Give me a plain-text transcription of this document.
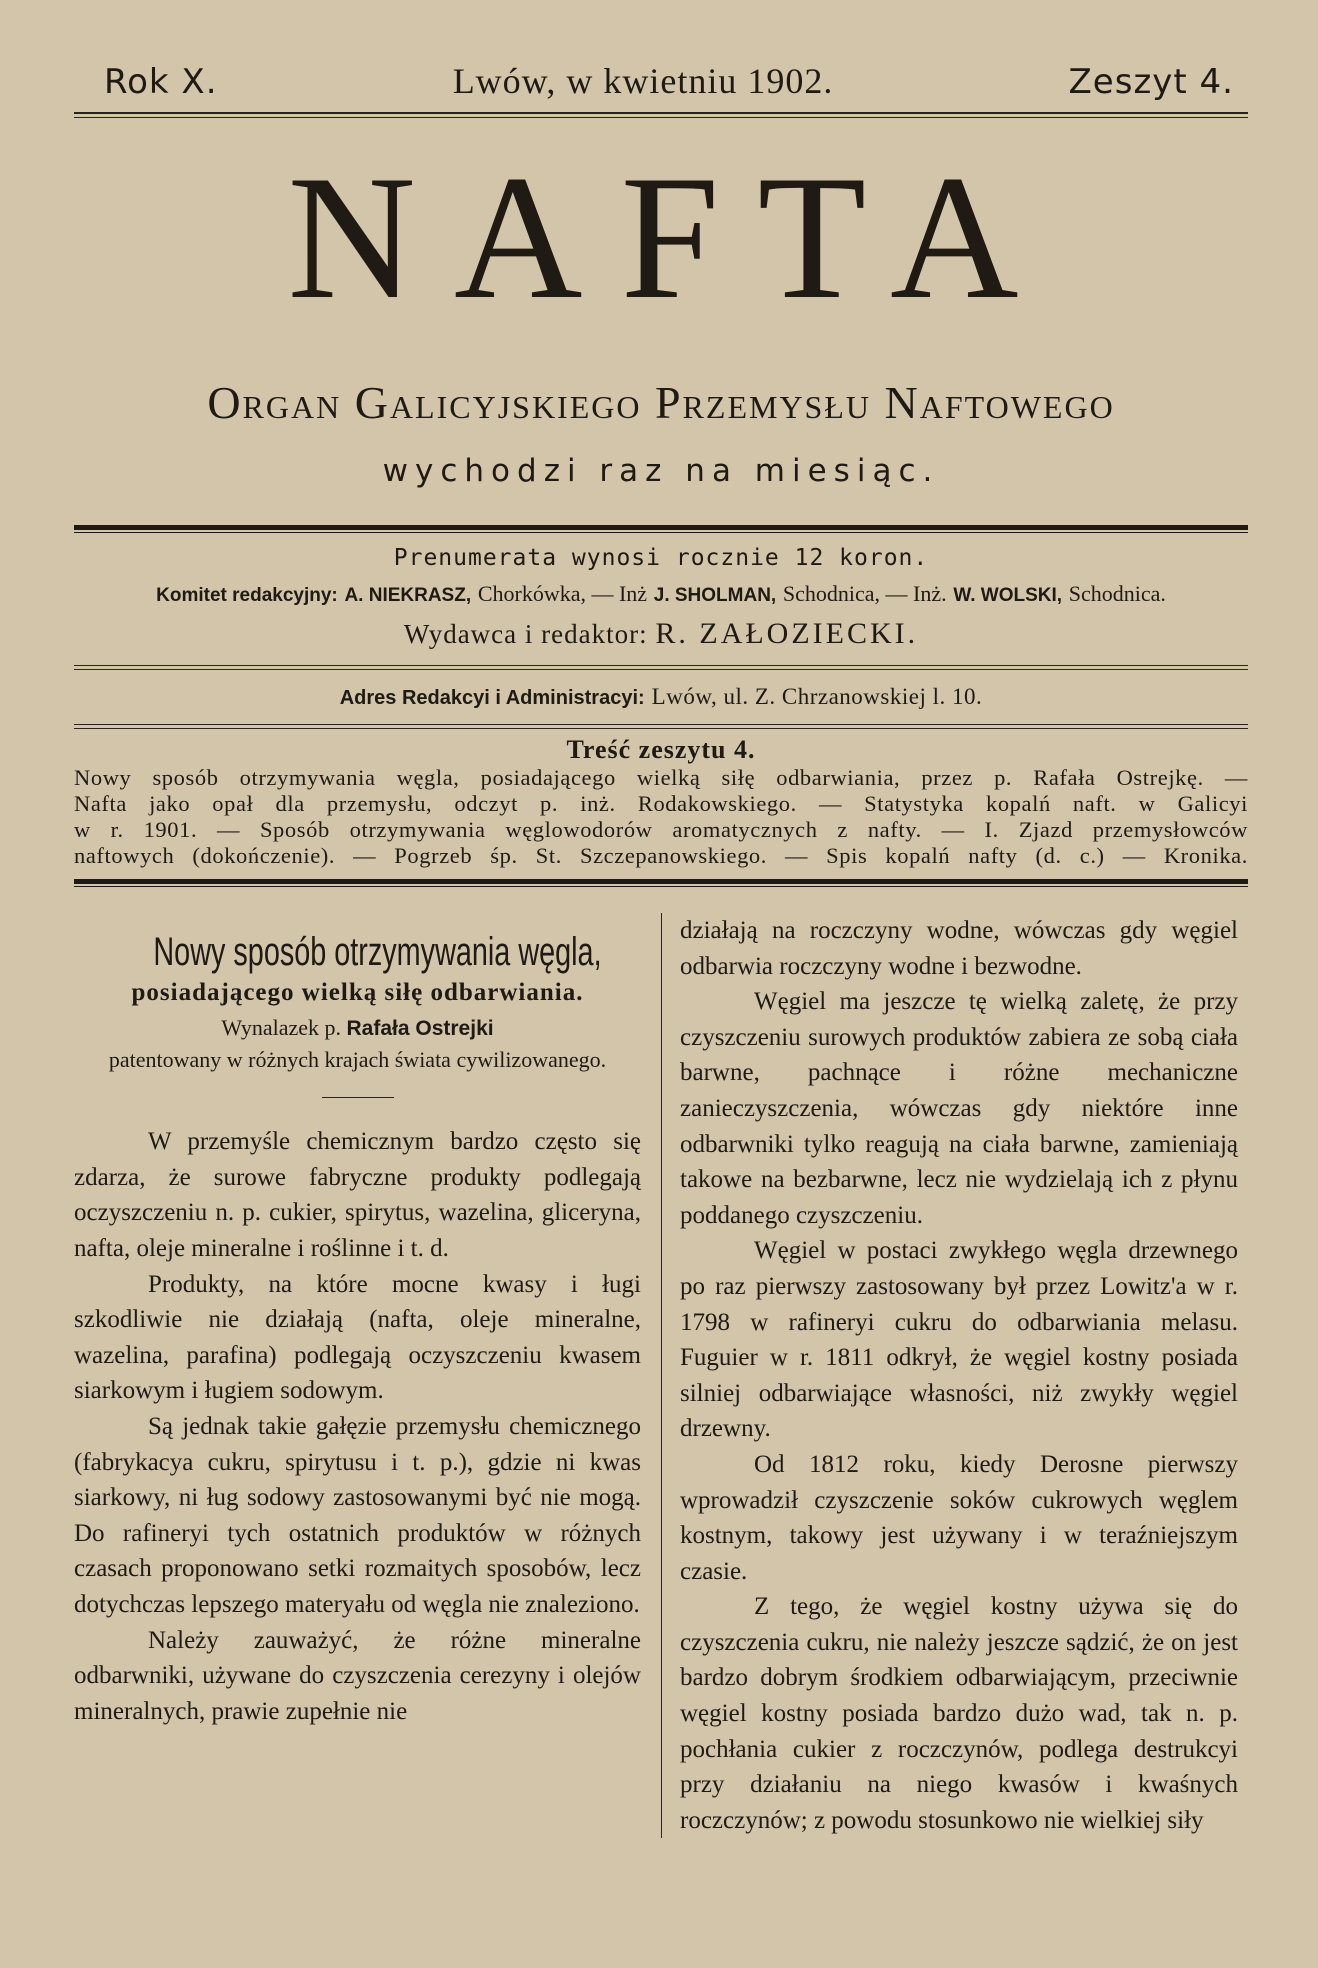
Rok X.	Lwów, w kwietniu 1902.	Zeszyt 4.
NAFTA
Organ Galicyjskiego Przemysłu Naftowego
wychodzi raz na miesiąc.
Prenumerata wynosi rocznie 12 koron.
Komitet redakcyjny: A. NIEKRASZ, Chorkówka, — Inż J. SHOLMAN, Schodnica, — Inż. W. WOLSKI, Schodnica.
Wydawca i redaktor: R. ZAŁOZIECKI.
Adres Redakcyi i Administracyi: Lwów, ul. Z. Chrzanowskiej l. 10.
Treść zeszytu 4.
Nowy sposób otrzymywania węgla, posiadającego wielką siłę odbarwiania, przez p. Rafała Ostrejkę. —
Nafta jako opał dla przemysłu, odczyt p. inż. Rodakowskiego. — Statystyka kopalń naft. w Galicyi
w r. 1901. — Sposób otrzymywania węglowodorów aromatycznych z nafty. — I. Zjazd przemysłowców
naftowych (dokończenie). — Pogrzeb śp. St. Szczepanowskiego. — Spis kopalń nafty (d. c.) — Kronika.
Nowy sposób otrzymywania węgla,
posiadającego wielką siłę odbarwiania.
Wynalazek p. Rafała Ostrejki
patentowany w różnych krajach świata cywilizowanego.

W przemyśle chemicznym bardzo często się zdarza, że surowe fabryczne produkty podlegają oczyszczeniu n. p. cukier, spirytus, wazelina, gliceryna, nafta, oleje mineralne i roślinne i t. d.

Produkty, na które mocne kwasy i ługi szkodliwie nie działają (nafta, oleje mineralne, wazelina, parafina) podlegają oczyszczeniu kwasem siarkowym i ługiem sodowym.

Są jednak takie gałęzie przemysłu chemicznego (fabrykacya cukru, spirytusu i t. p.), gdzie ni kwas siarkowy, ni ług sodowy zastosowanymi być nie mogą. Do rafineryi tych ostatnich produktów w różnych czasach proponowano setki rozmaitych sposobów, lecz dotychczas lepszego materyału od węgla nie znaleziono.

Należy zauważyć, że różne mineralne odbarwniki, używane do czyszczenia cerezyny i olejów mineralnych, prawie zupełnie nie

działają na roczczyny wodne, wówczas gdy węgiel odbarwia roczczyny wodne i bezwodne.

Węgiel ma jeszcze tę wielką zaletę, że przy czyszczeniu surowych produktów zabiera ze sobą ciała barwne, pachnące i różne mechaniczne zanieczyszczenia, wówczas gdy niektóre inne odbarwniki tylko reagują na ciała barwne, zamieniają takowe na bezbarwne, lecz nie wydzielają ich z płynu poddanego czyszczeniu.

Węgiel w postaci zwykłego węgla drzewnego po raz pierwszy zastosowany był przez Lowitz'a w r. 1798 w rafineryi cukru do odbarwiania melasu. Fuguier w r. 1811 odkrył, że węgiel kostny posiada silniej odbarwiające własności, niż zwykły węgiel drzewny.

Od 1812 roku, kiedy Derosne pierwszy wprowadził czyszczenie soków cukrowych węglem kostnym, takowy jest używany i w teraźniejszym czasie.

Z tego, że węgiel kostny używa się do czyszczenia cukru, nie należy jeszcze sądzić, że on jest bardzo dobrym środkiem odbarwiającym, przeciwnie węgiel kostny posiada bardzo dużo wad, tak n. p. pochłania cukier z roczczynów, podlega destrukcyi przy działaniu na niego kwasów i kwaśnych roczczynów; z powodu stosunkowo nie wielkiej siły
